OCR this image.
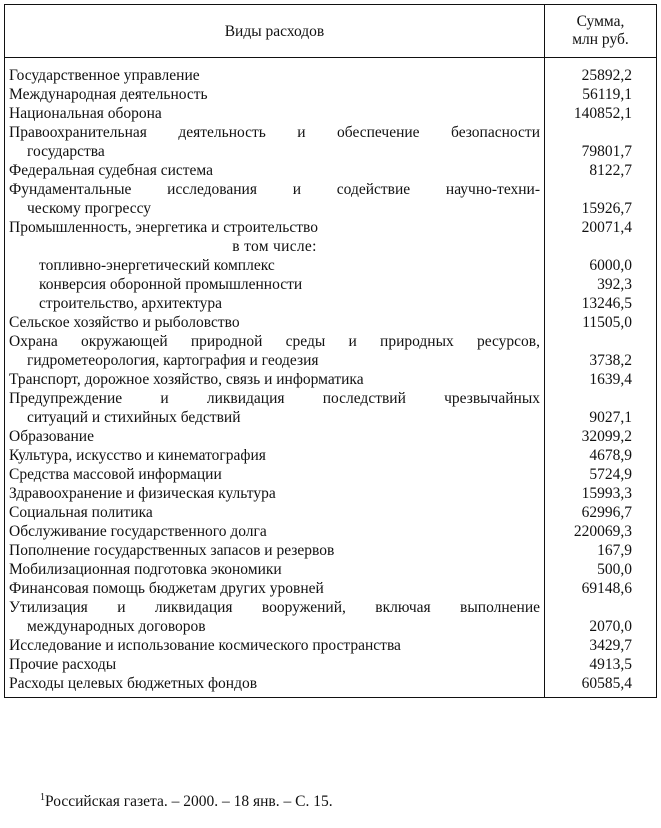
Виды расходов	Сумма,
млн руб.
Государственное управление	25892,2
Международная деятельность	56119,1
Национальная оборона	140852,1

Правоохранительная деятельность и обеспечение безопасности
государства	79801,7
Федеральная судебная система	8122,7

Фундаментальные исследования и содействие научно-техни-
ческому прогрессу	15926,7
Промышленность, энергетика и строительство	20071,4
в том числе:	
топливно-энергетический комплекс	6000,0
конверсия оборонной промышленности	392,3
строительство, архитектура	13246,5
Сельское хозяйство и рыболовство	11505,0

Охрана окружающей природной среды и природных ресурсов,
гидрометеорология, картография и геодезия	3738,2
Транспорт, дорожное хозяйство, связь и информатика	1639,4

Предупреждение и ликвидация последствий чрезвычайных
ситуаций и стихийных бедствий	9027,1
Образование	32099,2
Культура, искусство и кинематография	4678,9
Средства массовой информации	5724,9
Здравоохранение и физическая культура	15993,3
Социальная политика	62996,7
Обслуживание государственного долга	220069,3
Пополнение государственных запасов и резервов	167,9
Мобилизационная подготовка экономики	500,0
Финансовая помощь бюджетам других уровней	69148,6

Утилизация и ликвидация вооружений, включая выполнение
международных договоров	2070,0
Исследование и использование космического пространства	3429,7
Прочие расходы	4913,5
Расходы целевых бюджетных фондов	60585,4
$^1$Российская газета. – 2000. – 18 янв. – С. 15.
